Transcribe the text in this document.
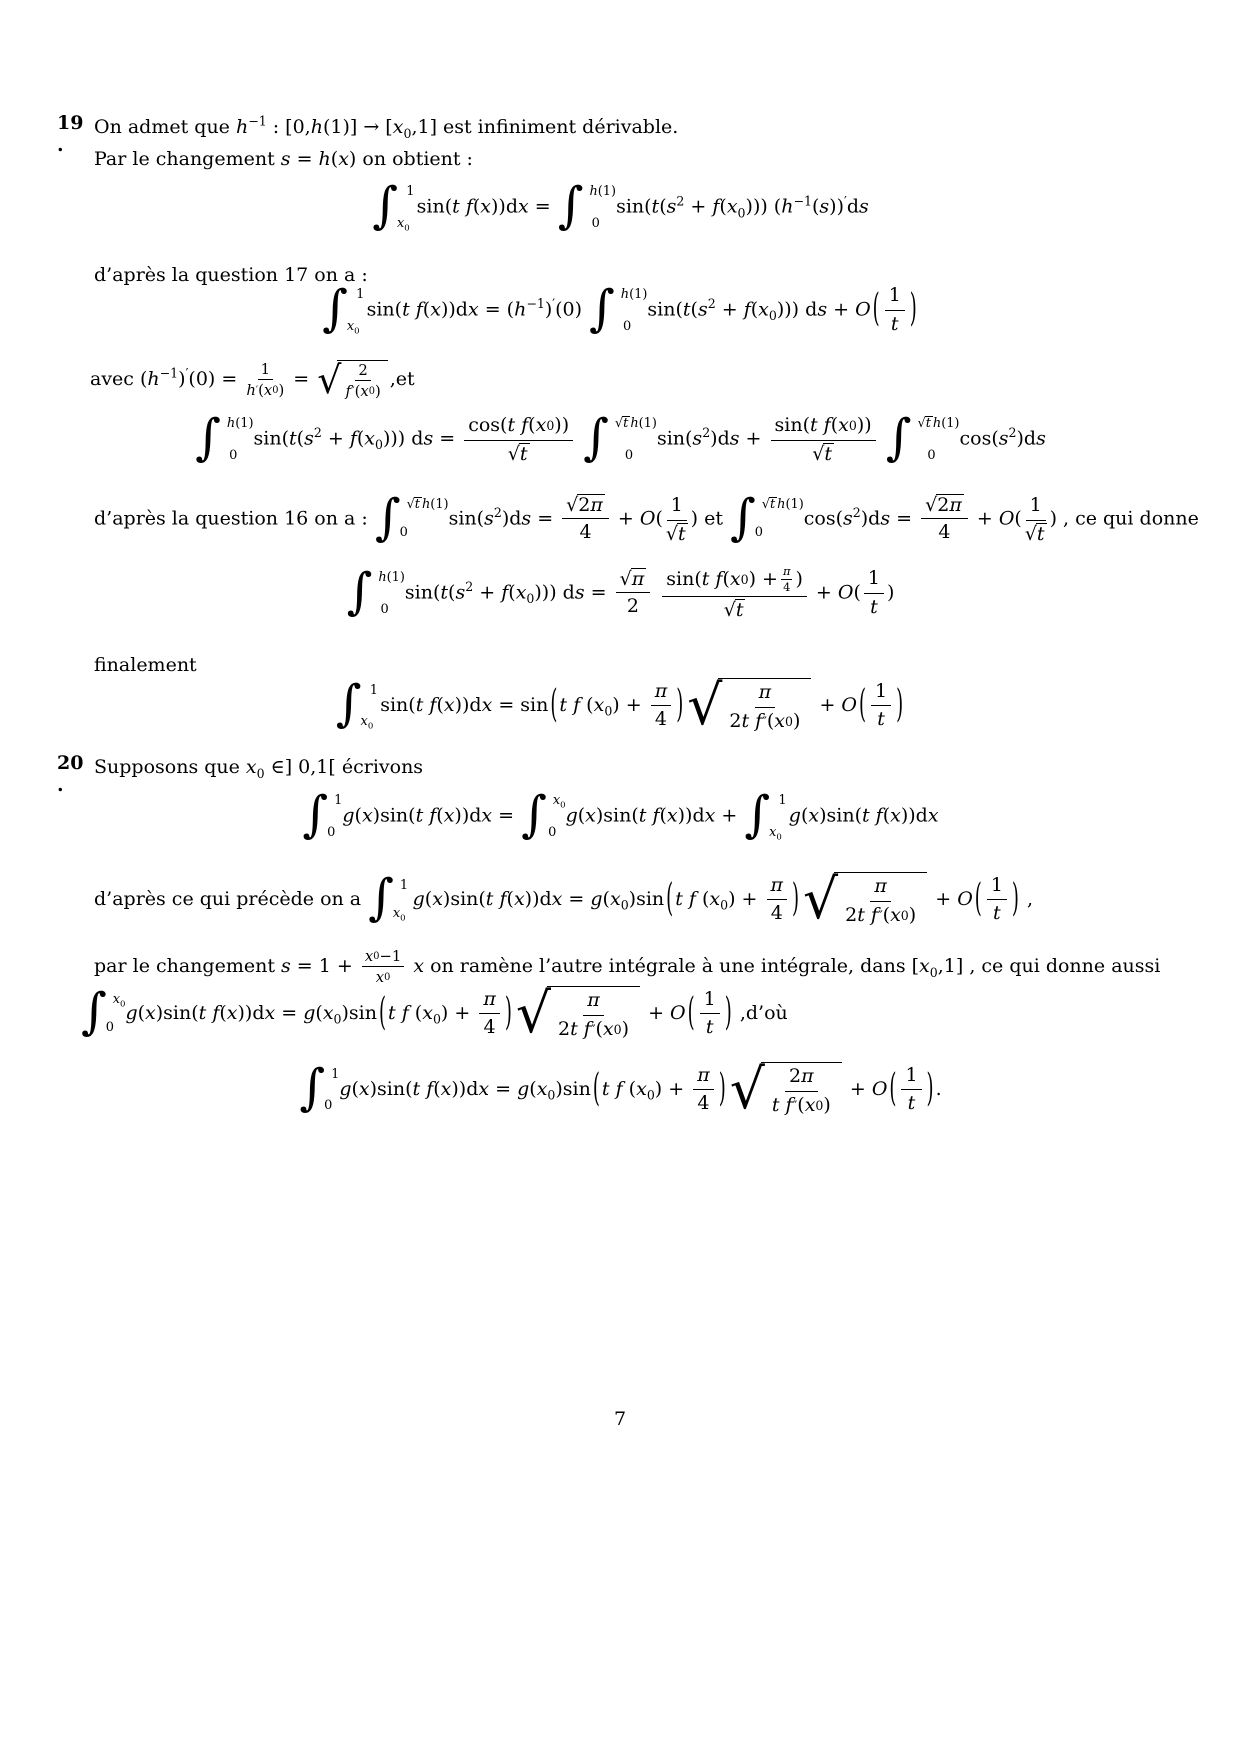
19 .
On admet que $h^{-1}$ : $[0,h(1)] \to [x_0,1]$ est infiniment dérivable.
Par le changement s = h(x) on obtient :
∫ 1
$x_0$
sin(t f(x))dx = ∫ h(1)
0
$\sin(t(s^2 + f(x_0)))$ $(h^{-1}(s))'ds$
d’après la question 17 on a :
∫ 1
$x_0$
sin(t $f(x))dx = (h^{-1})'(0)$ ∫ h(1)
0
$\sin(t(s^2 + f(x_0)))$ ds + O ( $\frac{1}{t}$ )
avec $(h^{-1})'(0) = \frac{1}{h ' ( x 0 )}$ = √ $\frac{2}{f '' ( x 0 )} ,et$
∫ h(1)
0
$\sin(t(s^2 + f(x_0)))$ ds = $\frac{\text{cos( t f ( x 0 ))}}{√t}$
∫ √t h(1)
0
$\sin(s^2)ds + \frac{\text{sin( t f ( x 0 ))}}{√t}$
∫ √t h(1)
0
$\cos(s^2)ds$
d’après la question 16 on a : ∫ √t h(1)
0
$\sin(s^2)ds = \frac{√2\pi}{4} + O( \frac{1}{√t}$ ) et ∫ √t h(1)
0
$\cos(s^2)ds = \frac{√2\pi}{4} + O( \frac{1}{√t}$ ) , ce qui donne
∫ h(1)
0
$\sin(t(s^2 + f(x_0)))$ ds = $\frac{√\pi}{2}$
$\frac{\sin( t f ( x 0 ) + \frac{\pi}{4} )}{√t} + O( \frac{1}{t}$ )
finalement
∫ 1
$x_0$
sin(t f(x))dx = sin ( t f $(x_0) + \frac{\pi}{4}$ ) √ $\frac{\pi}{\text{2 t f ″ ( x 0 )}} + O$ ( $\frac{1}{t}$ )
20 .
Supposons que $x_0$ ∈] 0,1[ écrivons
∫ 1
0
g(x)sin(t f(x))dx = ∫ $x_0$
0
g(x)sin(t f(x))dx + ∫ 1
$x_0$
g(x)sin(t f(x))dx
d’après ce qui précède on a ∫ 1
$x_0$
g(x)sin(t $f(x))dx = g(x_0)\sin$ ( t f $(x_0) + \frac{\pi}{4}$ ) √ $\frac{\pi}{\text{2 t f ″ ( x 0 )}} + O$ ( $\frac{1}{t}$ ) ,
par le changement $s = 1 + \frac{x 0 -1}{x 0}$ x on ramène l’autre intégrale à une intégrale, dans $[x_0,1]$ , ce qui donne aussi
∫ $x_0$
0
g(x)sin(t $f(x))dx = g(x_0)\sin$ ( t f $(x_0) + \frac{\pi}{4}$ ) √ $\frac{\pi}{\text{2 t f ″ ( x 0 )}} + O$ ( $\frac{1}{t}$ ) ,d’où
∫ 1
0
g(x)sin(t $f(x))dx = g(x_0)\sin$ ( t f $(x_0) + \frac{\pi}{4}$ ) √ $\frac{2 \pi}{\text{t f ″ ( x 0 )}} + O$ ( $\frac{1}{t}$ ) .
7
